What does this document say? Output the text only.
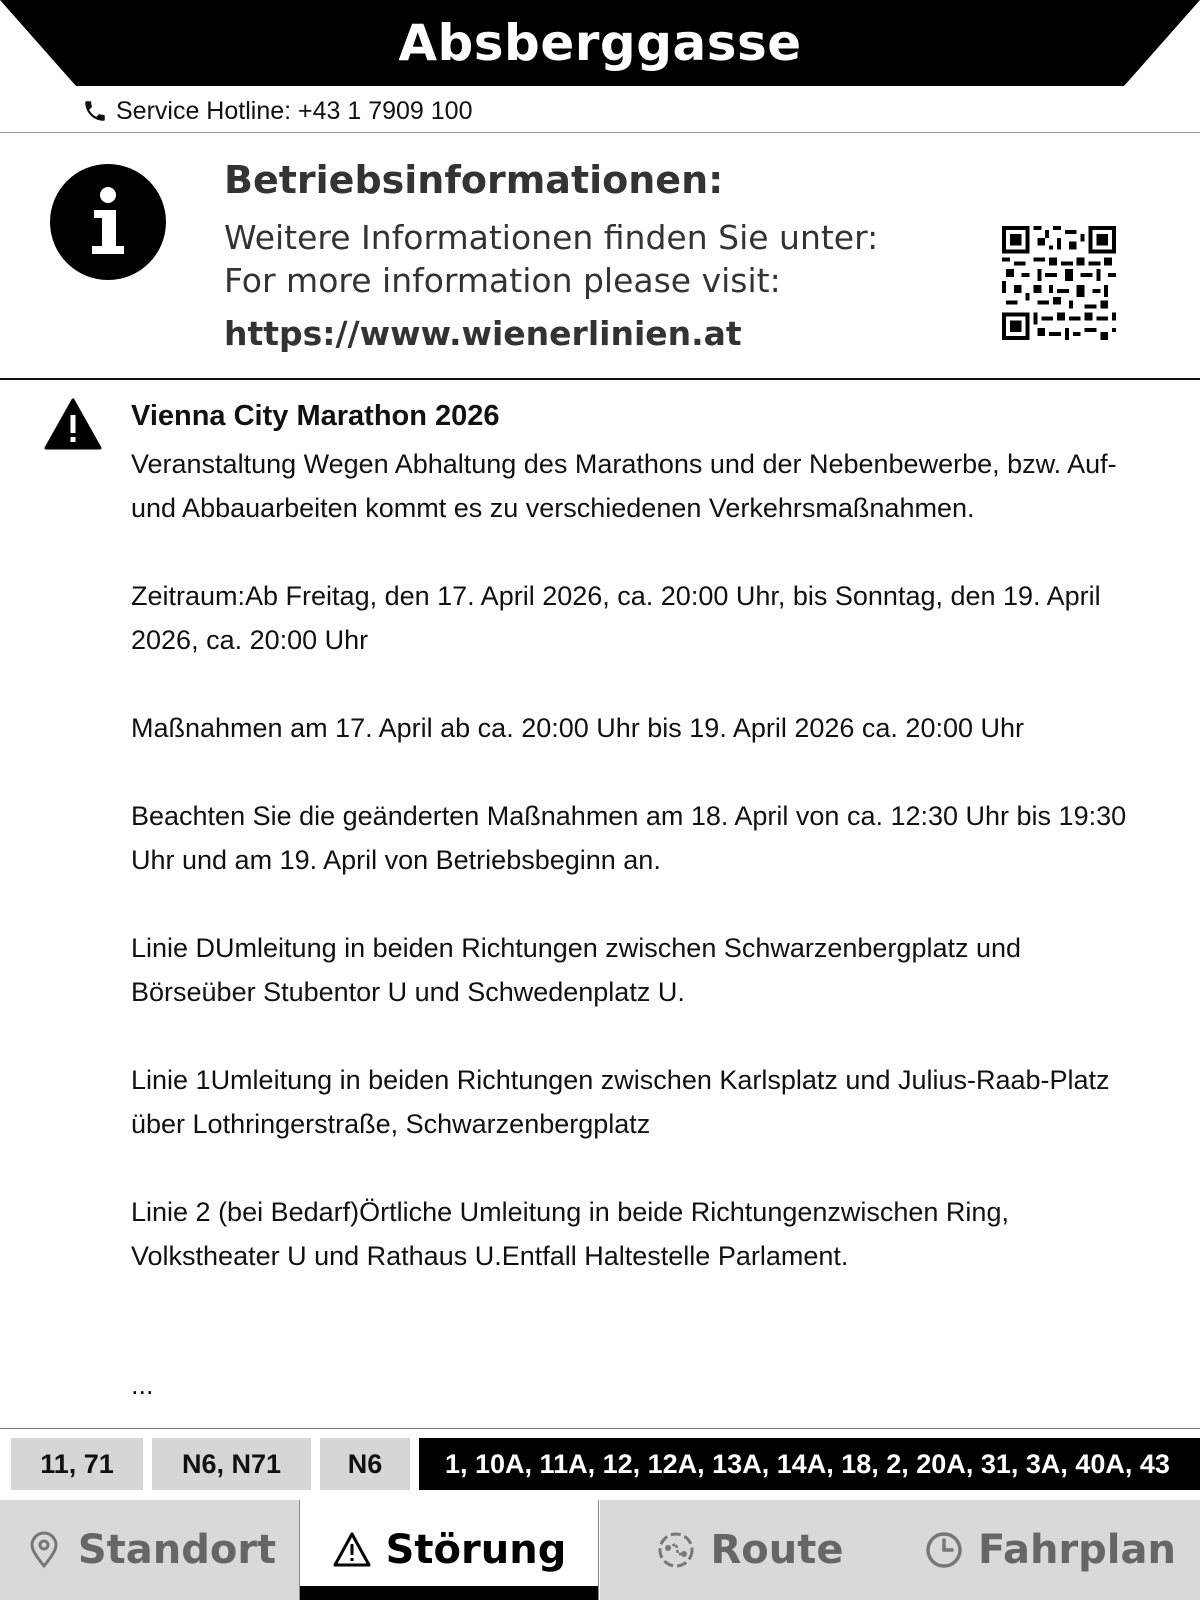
Absberggasse
Service Hotline: +43 1 7909 100
Betriebsinformationen:
Weitere Informationen finden Sie unter:
For more information please visit:
https://www.wienerlinien.at
Vienna City Marathon 2026

Veranstaltung Wegen Abhaltung des Marathons und der Nebenbewerbe, bzw. Auf- und Abbauarbeiten kommt es zu verschiedenen Verkehrsmaßnahmen.

Zeitraum:Ab Freitag, den 17. April 2026, ca. 20:00 Uhr, bis Sonntag, den 19. April 2026, ca. 20:00 Uhr

Maßnahmen am 17. April ab ca. 20:00 Uhr bis 19. April 2026 ca. 20:00 Uhr

Beachten Sie die geänderten Maßnahmen am 18. April von ca. 12:30 Uhr bis 19:30 Uhr und am 19. April von Betriebsbeginn an.

Linie DUmleitung in beiden Richtungen zwischen Schwarzenbergplatz und Börseüber Stubentor U und Schwedenplatz U.

Linie 1Umleitung in beiden Richtungen zwischen Karlsplatz und Julius-Raab-Platz über Lothringerstraße, Schwarzenbergplatz

Linie 2 (bei Bedarf)Örtliche Umleitung in beide Richtungenzwischen Ring, Volkstheater U und Rathaus U.Entfall Haltestelle Parlament.

...
11, 71	N6, N71	N6	1, 10A, 11A, 12, 12A, 13A, 14A, 18, 2, 20A, 31, 3A, 40A, 43
Standort	Störung	Route	Fahrplan
